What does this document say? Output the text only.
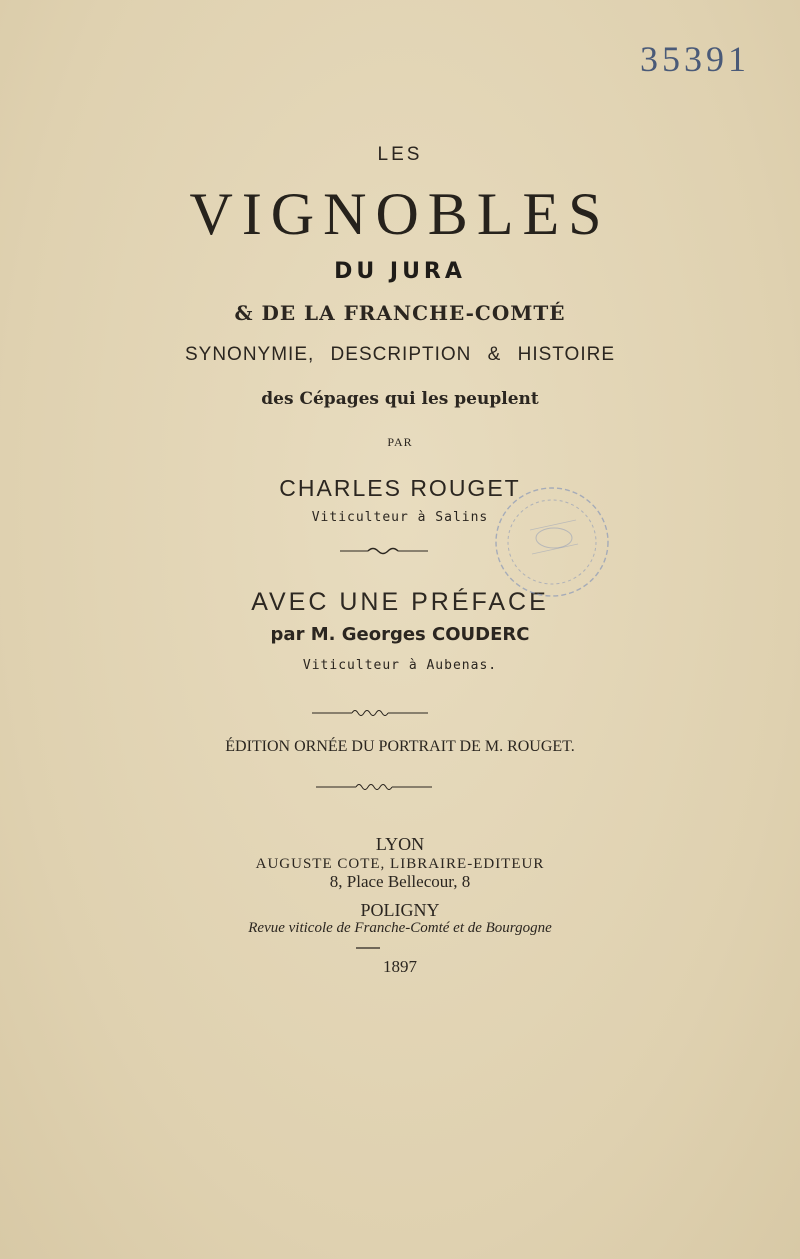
35391

LES

VIGNOBLES

DU JURA

& DE LA FRANCHE-COMTÉ

SYNONYMIE, DESCRIPTION & HISTOIRE

des Cépages qui les peuplent

PAR

CHARLES ROUGET

Viticulteur à Salins

AVEC UNE PRÉFACE

par M. Georges COUDERC

Viticulteur à Aubenas.

ÉDITION ORNÉE DU PORTRAIT DE M. ROUGET.

LYON

AUGUSTE COTE, LIBRAIRE-EDITEUR

8, Place Bellecour, 8

POLIGNY

Revue viticole de Franche-Comté et de Bourgogne

1897
